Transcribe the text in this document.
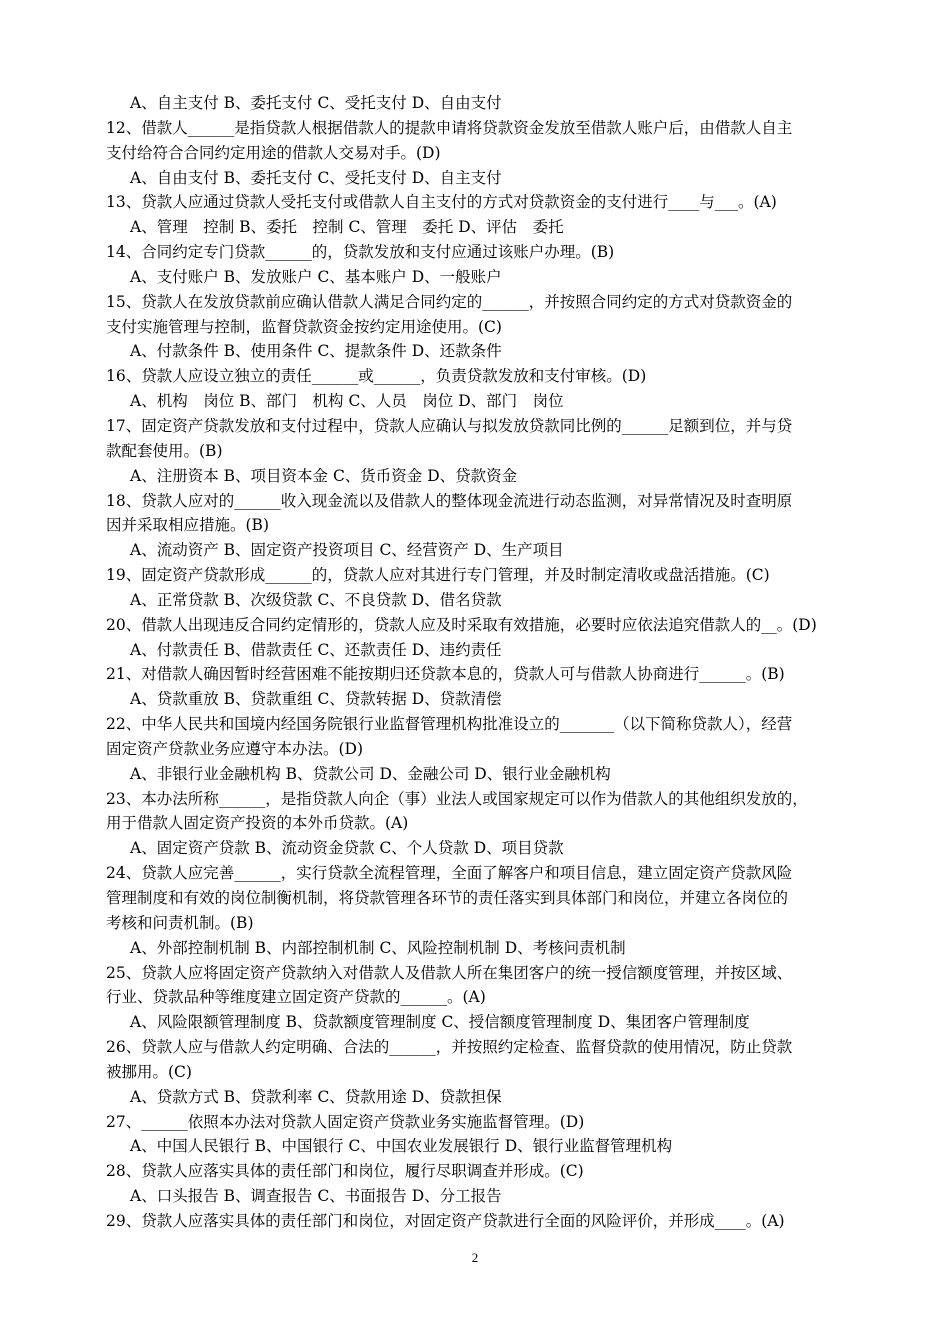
A、自主支付 B、委托支付 C、受托支付 D、自由支付
12、借款人______是指贷款人根据借款人的提款申请将贷款资金发放至借款人账户后，由借款人自主
支付给符合合同约定用途的借款人交易对手。(D)
A、自由支付 B、委托支付 C、受托支付 D、自主支付
13、贷款人应通过贷款人受托支付或借款人自主支付的方式对贷款资金的支付进行____与___。(A)
A、管理　控制 B、委托　控制 C、管理　委托 D、评估　委托
14、合同约定专门贷款______的，贷款发放和支付应通过该账户办理。(B)
A、支付账户 B、发放账户 C、基本账户 D、一般账户
15、贷款人在发放贷款前应确认借款人满足合同约定的______，并按照合同约定的方式对贷款资金的
支付实施管理与控制，监督贷款资金按约定用途使用。(C)
A、付款条件 B、使用条件 C、提款条件 D、还款条件
16、贷款人应设立独立的责任______或______，负责贷款发放和支付审核。(D)
A、机构　岗位 B、部门　机构 C、人员　岗位 D、部门　岗位
17、固定资产贷款发放和支付过程中，贷款人应确认与拟发放贷款同比例的______足额到位，并与贷
款配套使用。(B)
A、注册资本 B、项目资本金 C、货币资金 D、贷款资金
18、贷款人应对的______收入现金流以及借款人的整体现金流进行动态监测，对异常情况及时查明原
因并采取相应措施。(B)
A、流动资产 B、固定资产投资项目 C、经营资产 D、生产项目
19、固定资产贷款形成______的，贷款人应对其进行专门管理，并及时制定清收或盘活措施。(C)
A、正常贷款 B、次级贷款 C、不良贷款 D、借名贷款
20、借款人出现违反合同约定情形的，贷款人应及时采取有效措施，必要时应依法追究借款人的__。(D)
A、付款责任 B、借款责任 C、还款责任 D、违约责任
21、对借款人确因暂时经营困难不能按期归还贷款本息的，贷款人可与借款人协商进行______。(B)
A、贷款重放 B、贷款重组 C、贷款转据 D、贷款清偿
22、中华人民共和国境内经国务院银行业监督管理机构批准设立的_______（以下简称贷款人），经营
固定资产贷款业务应遵守本办法。(D)
A、非银行业金融机构 B、贷款公司 D、金融公司 D、银行业金融机构
23、本办法所称______，是指贷款人向企（事）业法人或国家规定可以作为借款人的其他组织发放的，
用于借款人固定资产投资的本外币贷款。(A)
A、固定资产贷款 B、流动资金贷款 C、个人贷款 D、项目贷款
24、贷款人应完善______，实行贷款全流程管理，全面了解客户和项目信息，建立固定资产贷款风险
管理制度和有效的岗位制衡机制，将贷款管理各环节的责任落实到具体部门和岗位，并建立各岗位的
考核和问责机制。(B)
A、外部控制机制 B、内部控制机制 C、风险控制机制 D、考核问责机制
25、贷款人应将固定资产贷款纳入对借款人及借款人所在集团客户的统一授信额度管理，并按区域、
行业、贷款品种等维度建立固定资产贷款的______。(A)
A、风险限额管理制度 B、贷款额度管理制度 C、授信额度管理制度 D、集团客户管理制度
26、贷款人应与借款人约定明确、合法的______，并按照约定检查、监督贷款的使用情况，防止贷款
被挪用。(C)
A、贷款方式 B、贷款利率 C、贷款用途 D、贷款担保
27、______依照本办法对贷款人固定资产贷款业务实施监督管理。(D)
A、中国人民银行 B、中国银行 C、中国农业发展银行 D、银行业监督管理机构
28、贷款人应落实具体的责任部门和岗位，履行尽职调查并形成。(C)
A、口头报告 B、调查报告 C、书面报告 D、分工报告
29、贷款人应落实具体的责任部门和岗位，对固定资产贷款进行全面的风险评价，并形成____。(A)
2
